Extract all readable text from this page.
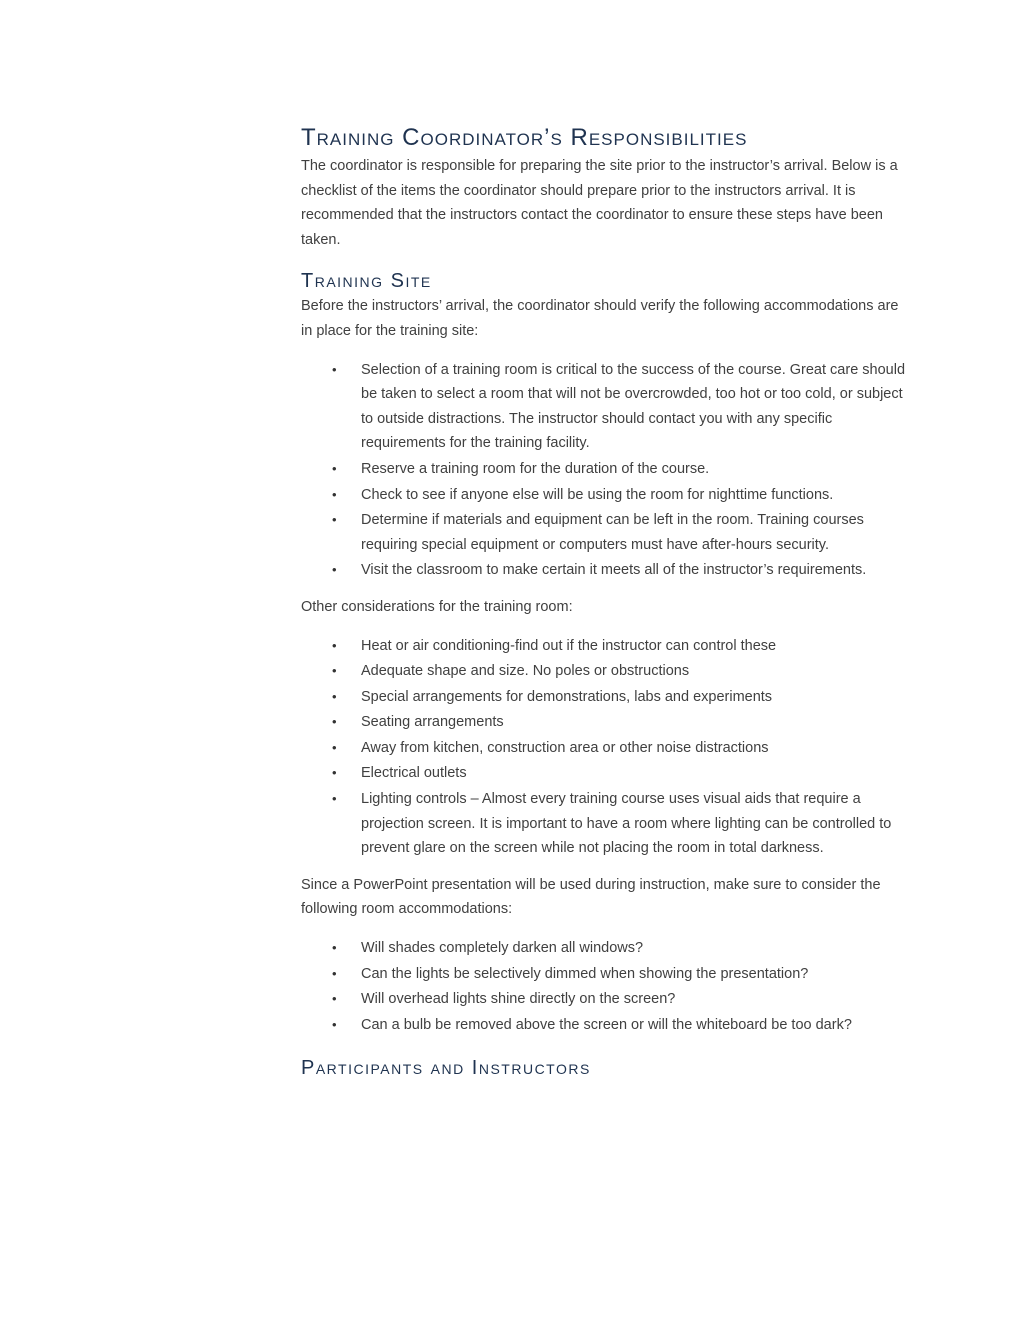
Training Coordinator’s Responsibilities

The coordinator is responsible for preparing the site prior to the instructor’s arrival. Below is a checklist of the items the coordinator should prepare prior to the instructors arrival. It is recommended that the instructors contact the coordinator to ensure these steps have been taken.

Training Site

Before the instructors’ arrival, the coordinator should verify the following accommodations are in place for the training site:

•	Selection of a training room is critical to the success of the course. Great care should be taken to select a room that will not be overcrowded, too hot or too cold, or subject to outside distractions. The instructor should contact you with any specific requirements for the training facility.
•	Reserve a training room for the duration of the course.
•	Check to see if anyone else will be using the room for nighttime functions.
•	Determine if materials and equipment can be left in the room. Training courses requiring special equipment or computers must have after-hours security.
•	Visit the classroom to make certain it meets all of the instructor’s requirements.

Other considerations for the training room:

•	Heat or air conditioning-find out if the instructor can control these
•	Adequate shape and size. No poles or obstructions
•	Special arrangements for demonstrations, labs and experiments
•	Seating arrangements
•	Away from kitchen, construction area or other noise distractions
•	Electrical outlets
•	Lighting controls – Almost every training course uses visual aids that require a projection screen. It is important to have a room where lighting can be controlled to prevent glare on the screen while not placing the room in total darkness.

Since a PowerPoint presentation will be used during instruction, make sure to consider the following room accommodations:

•	Will shades completely darken all windows?
•	Can the lights be selectively dimmed when showing the presentation?
•	Will overhead lights shine directly on the screen?
•	Can a bulb be removed above the screen or will the whiteboard be too dark?
Participants and Instructors
